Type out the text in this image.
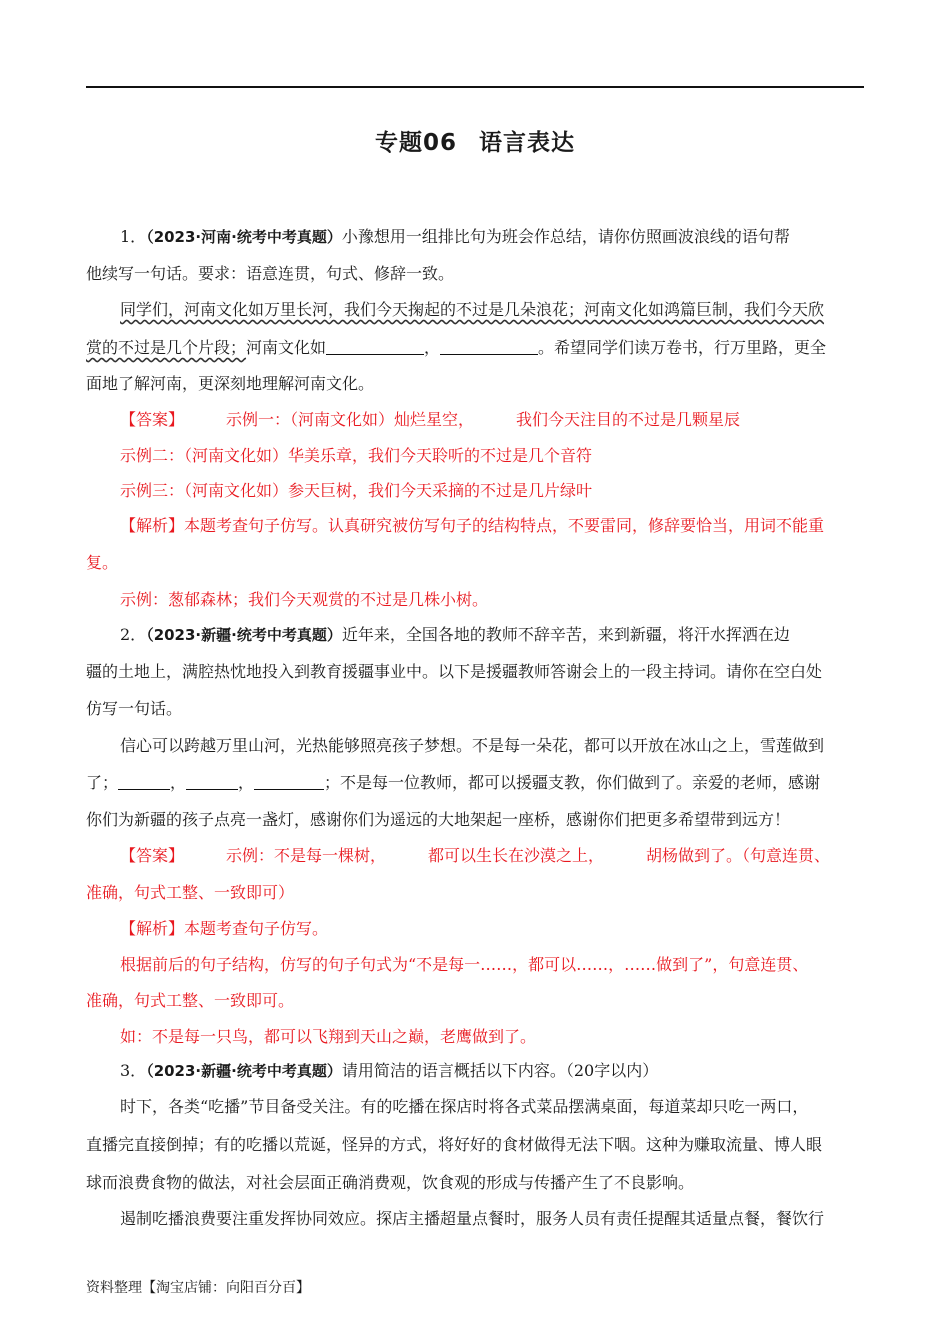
专题06 语言表达
1．（2023·河南·统考中考真题）小豫想用一组排比句为班会作总结，请你仿照画波浪线的语句帮
他续写一句话。要求：语意连贯，句式、修辞一致。
同学们，河南文化如万里长河，我们今天掬起的不过是几朵浪花；河南文化如鸿篇巨制，我们今天欣
赏的不过是几个片段；河南文化如	，	。希望同学们读万卷书，行万里路，更全
面地了解河南，更深刻地理解河南文化。
【答案】	示例一：（河南文化如）灿烂星空，	我们今天注目的不过是几颗星辰
示例二：（河南文化如）华美乐章，我们今天聆听的不过是几个音符
示例三：（河南文化如）参天巨树，我们今天采摘的不过是几片绿叶
【解析】本题考查句子仿写。认真研究被仿写句子的结构特点，不要雷同，修辞要恰当，用词不能重
复。
示例：葱郁森林；我们今天观赏的不过是几株小树。
2．（2023·新疆·统考中考真题）近年来，全国各地的教师不辞辛苦，来到新疆，将汗水挥洒在边
疆的土地上，满腔热忱地投入到教育援疆事业中。以下是援疆教师答谢会上的一段主持词。请你在空白处
仿写一句话。
信心可以跨越万里山河，光热能够照亮孩子梦想。不是每一朵花，都可以开放在冰山之上，雪莲做到
了；	，	，	；不是每一位教师，都可以援疆支教，你们做到了。亲爱的老师，感谢
你们为新疆的孩子点亮一盏灯，感谢你们为遥远的大地架起一座桥，感谢你们把更多希望带到远方！
【答案】	示例：不是每一棵树，	都可以生长在沙漠之上，	胡杨做到了。（句意连贯、
准确，句式工整、一致即可）
【解析】本题考查句子仿写。
根据前后的句子结构，仿写的句子句式为“不是每一……，都可以……，……做到了”，句意连贯、
准确，句式工整、一致即可。
如：不是每一只鸟，都可以飞翔到天山之巅，老鹰做到了。
3．（2023·新疆·统考中考真题）请用简洁的语言概括以下内容。（20字以内）
时下，各类“吃播”节目备受关注。有的吃播在探店时将各式菜品摆满桌面，每道菜却只吃一两口，
直播完直接倒掉；有的吃播以荒诞，怪异的方式，将好好的食材做得无法下咽。这种为赚取流量、博人眼
球而浪费食物的做法，对社会层面正确消费观，饮食观的形成与传播产生了不良影响。
遏制吃播浪费要注重发挥协同效应。探店主播超量点餐时，服务人员有责任提醒其适量点餐，餐饮行
资料整理【淘宝店铺：向阳百分百】
